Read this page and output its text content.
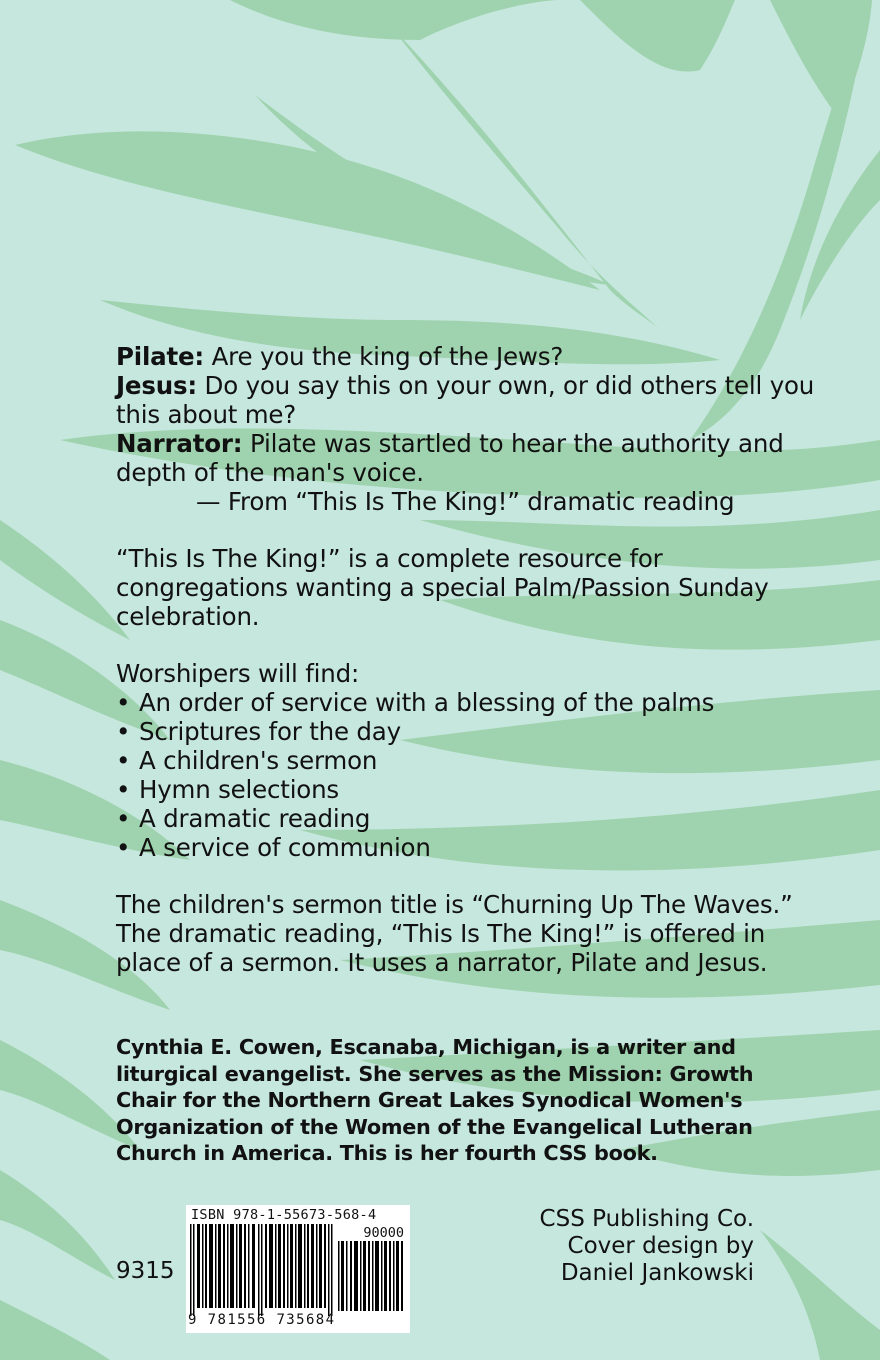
Pilate: Are you the king of the Jews?
Jesus: Do you say this on your own, or did others tell you this about me?
Narrator: Pilate was startled to hear the authority and depth of the man's voice.
— From “This Is The King!” dramatic reading
“This Is The King!” is a complete resource for congregations wanting a special Palm/Passion Sunday celebration.
Worshipers will find:
• An order of service with a blessing of the palms
• Scriptures for the day
• A children's sermon
• Hymn selections
• A dramatic reading
• A service of communion
The children's sermon title is “Churning Up The Waves.” The dramatic reading, “This Is The King!” is offered in place of a sermon. It uses a narrator, Pilate and Jesus.
Cynthia E. Cowen, Escanaba, Michigan, is a writer and liturgical evangelist. She serves as the Mission: Growth Chair for the Northern Great Lakes Synodical Women's Organization of the Women of the Evangelical Lutheran Church in America. This is her fourth CSS book.
9315
ISBN 978-1-55673-568-4
90000
9 781556 735684
CSS Publishing Co.
Cover design by
Daniel Jankowski
